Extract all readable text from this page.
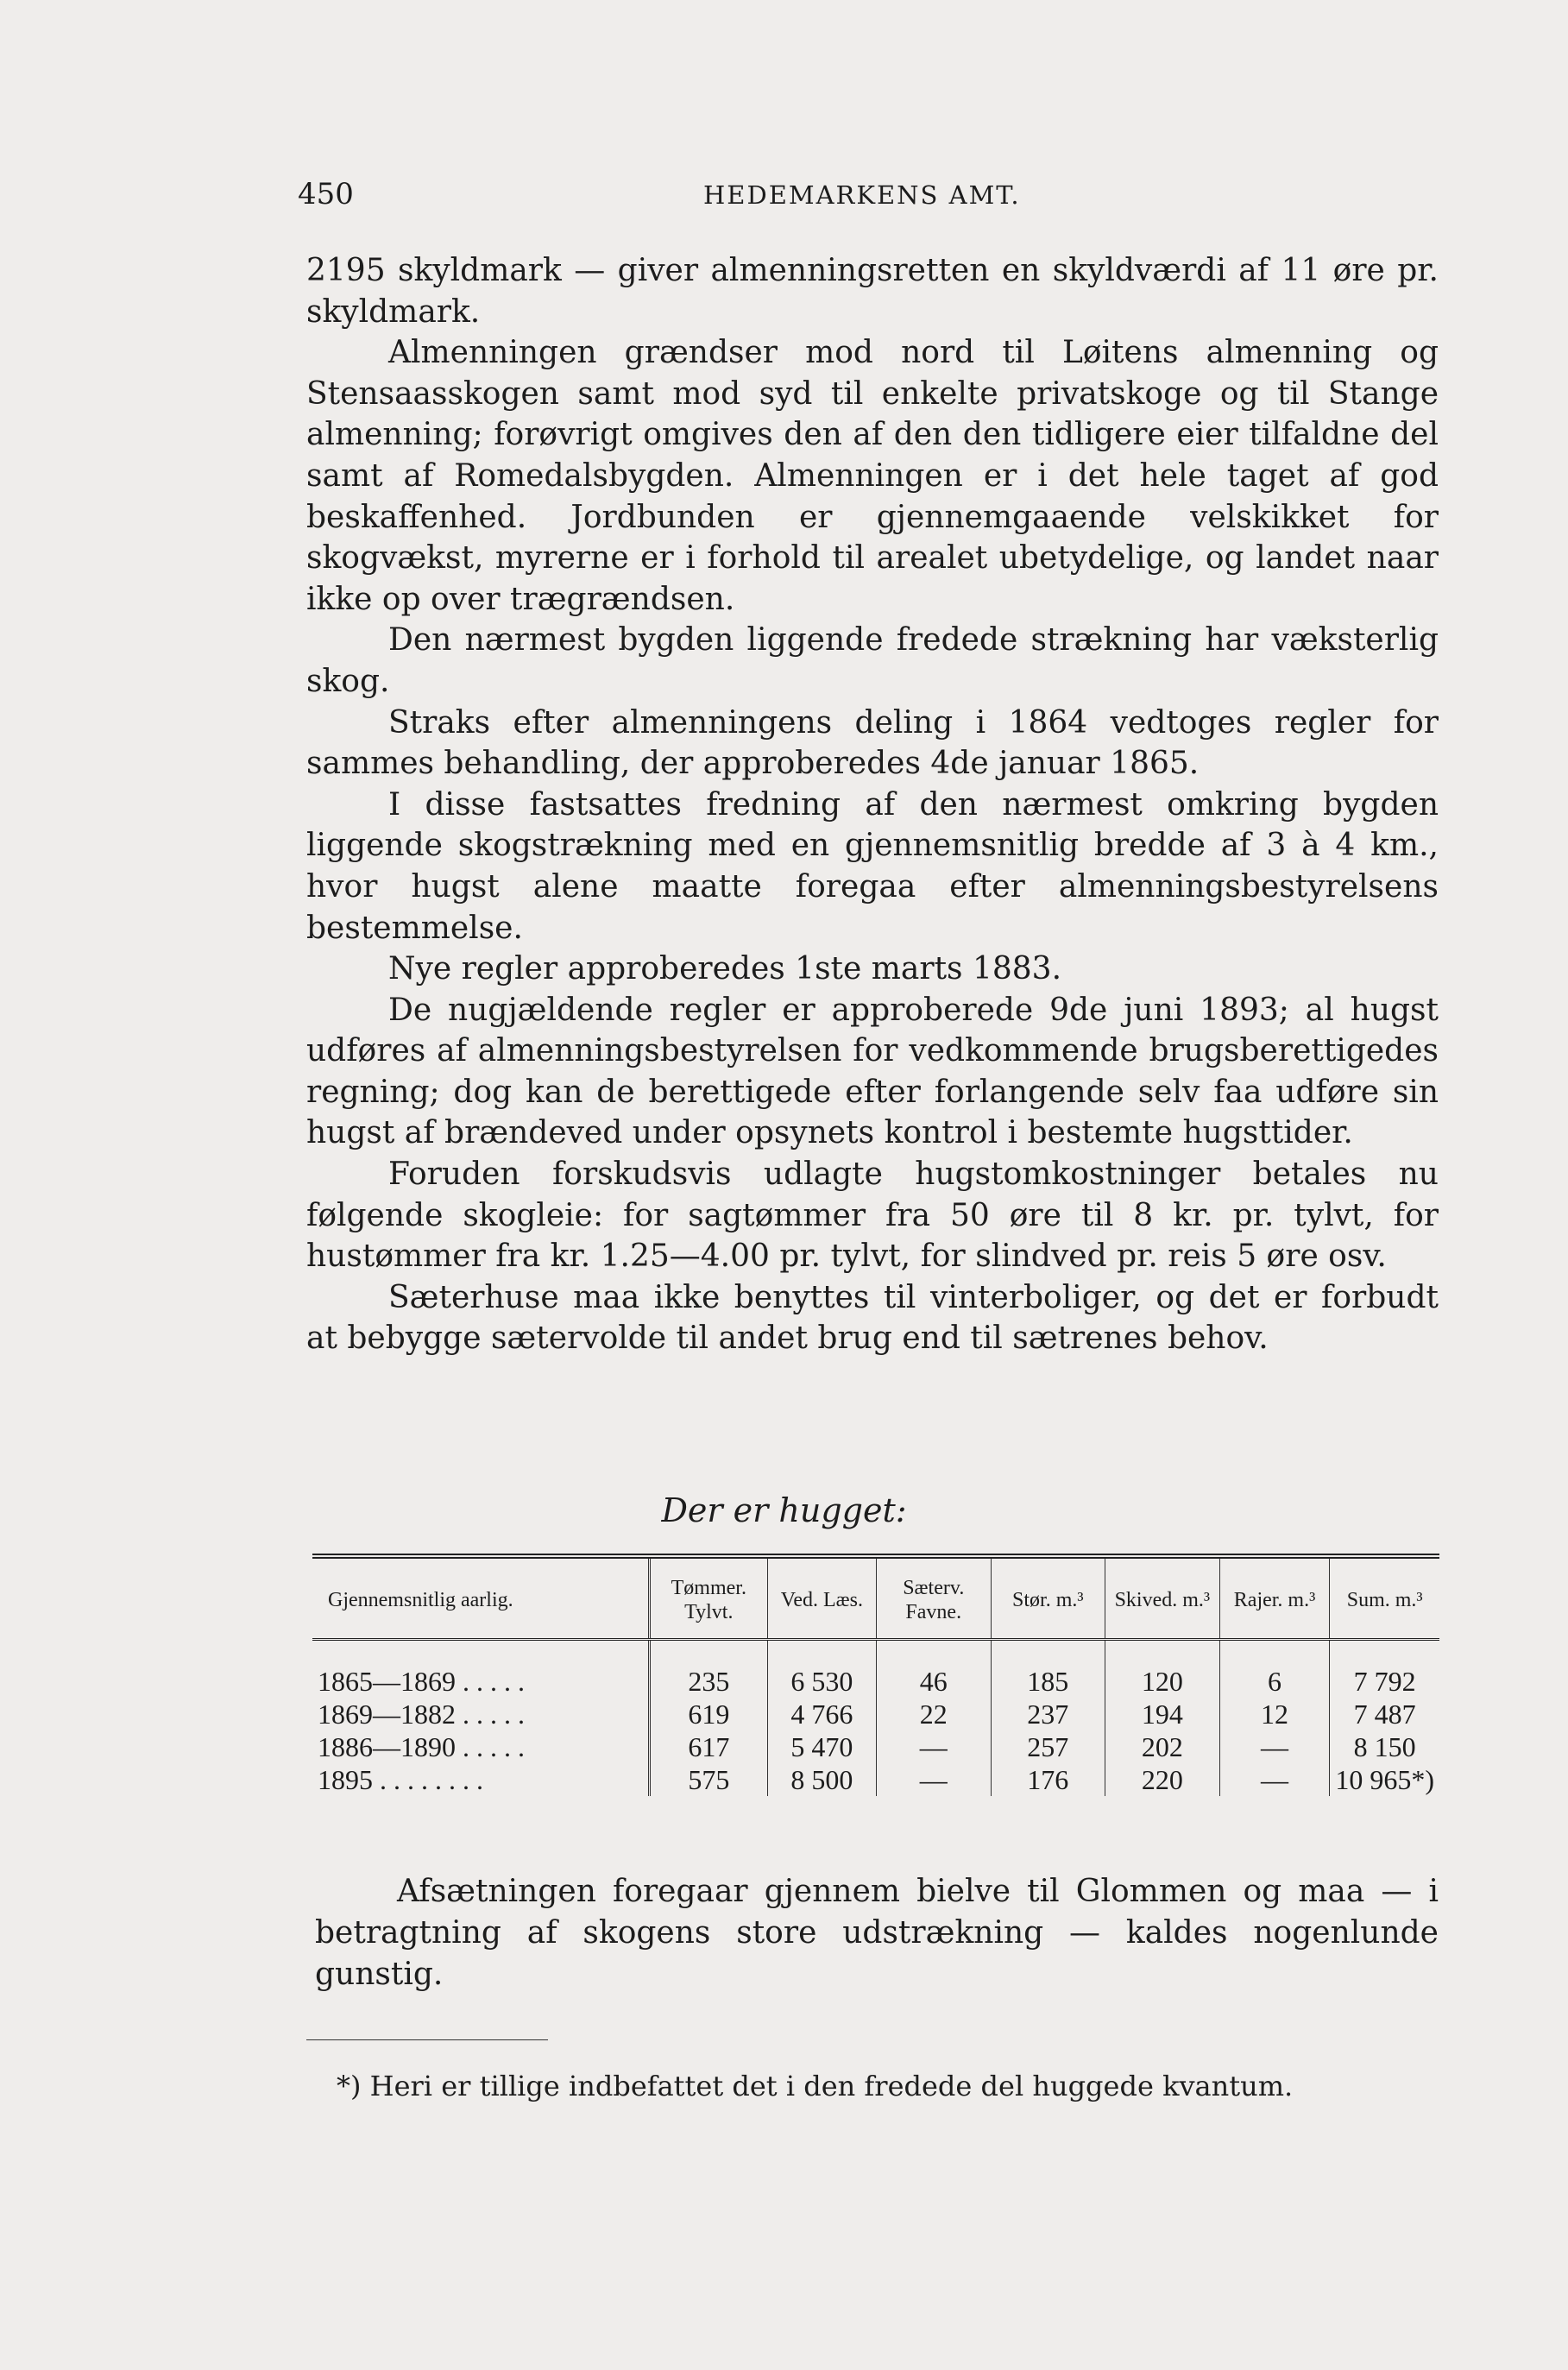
450	HEDEMARKENS AMT.

2195 skyldmark — giver almenningsretten en skyldværdi af 11 øre pr. skyldmark.

Almenningen grændser mod nord til Løitens almenning og Stensaasskogen samt mod syd til enkelte privatskoge og til Stange almenning; forøvrigt omgives den af den den tidligere eier tilfaldne del samt af Romedalsbygden. Almenningen er i det hele taget af god beskaffenhed. Jordbunden er gjennemgaaende velskikket for skogvækst, myrerne er i forhold til arealet ubetydelige, og landet naar ikke op over trægrændsen.

Den nærmest bygden liggende fredede strækning har væksterlig skog.

Straks efter almenningens deling i 1864 vedtoges regler for sammes behandling, der approberedes 4de januar 1865.

I disse fastsattes fredning af den nærmest omkring bygden liggende skogstrækning med en gjennemsnitlig bredde af 3 à 4 km., hvor hugst alene maatte foregaa efter almenningsbestyrelsens bestemmelse.

Nye regler approberedes 1ste marts 1883.

De nugjældende regler er approberede 9de juni 1893; al hugst udføres af almenningsbestyrelsen for vedkommende brugsberettigedes regning; dog kan de berettigede efter forlangende selv faa udføre sin hugst af brændeved under opsynets kontrol i bestemte hugsttider.

Foruden forskudsvis udlagte hugstomkostninger betales nu følgende skogleie: for sagtømmer fra 50 øre til 8 kr. pr. tylvt, for hustømmer fra kr. 1.25—4.00 pr. tylvt, for slindved pr. reis 5 øre osv.

Sæterhuse maa ikke benyttes til vinterboliger, og det er forbudt at bebygge sætervolde til andet brug end til sætrenes behov.

Der er hugget:
Gjennemsnitlig aarlig.	Tømmer. Tylvt.	Ved. Læs.	Sæterv. Favne.	Stør. m.³	Skived. m.³	Rajer. m.³	Sum. m.³
1865—1869 . . . . .	235	6 530	46	185	120	6	7 792
1869—1882 . . . . .	619	4 766	22	237	194	12	7 487
1886—1890 . . . . .	617	5 470	—	257	202	—	8 150
1895 . . . . . . . .	575	8 500	—	176	220	—	10 965*)

Afsætningen foregaar gjennem bielve til Glommen og maa — i betragtning af skogens store udstrækning — kaldes nogenlunde gunstig.

*) Heri er tillige indbefattet det i den fredede del huggede kvantum.
